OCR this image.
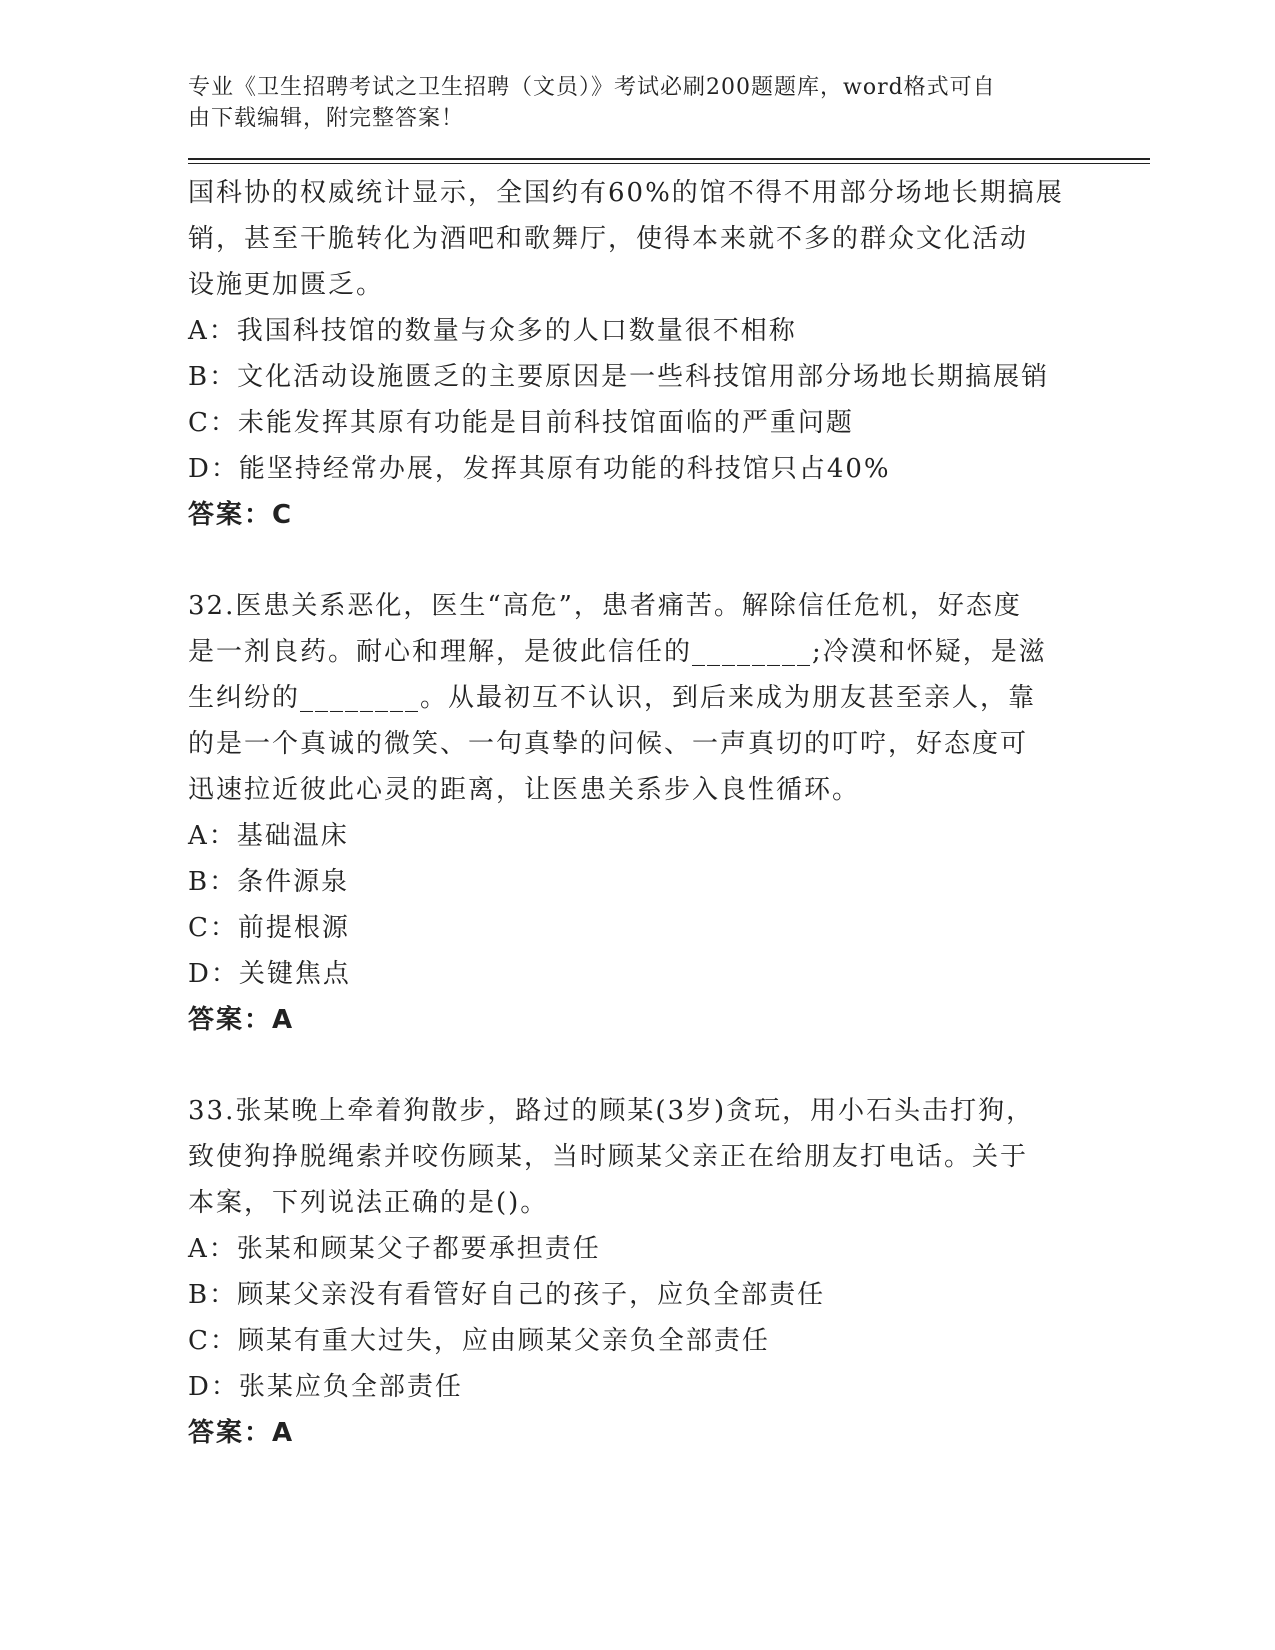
专业《卫生招聘考试之卫生招聘（文员）》考试必刷200题题库，word格式可自
由下载编辑，附完整答案！

国科协的权威统计显示，全国约有60%的馆不得不用部分场地长期搞展

销，甚至干脆转化为酒吧和歌舞厅，使得本来就不多的群众文化活动

设施更加匮乏。

A：我国科技馆的数量与众多的人口数量很不相称

B：文化活动设施匮乏的主要原因是一些科技馆用部分场地长期搞展销

C：未能发挥其原有功能是目前科技馆面临的严重问题

D：能坚持经常办展，发挥其原有功能的科技馆只占40%

答案：C

32.医患关系恶化，医生“高危”，患者痛苦。解除信任危机，好态度

是一剂良药。耐心和理解，是彼此信任的________;冷漠和怀疑，是滋

生纠纷的________。从最初互不认识，到后来成为朋友甚至亲人，靠

的是一个真诚的微笑、一句真挚的问候、一声真切的叮咛，好态度可

迅速拉近彼此心灵的距离，让医患关系步入良性循环。

A：基础温床

B：条件源泉

C：前提根源

D：关键焦点

答案：A

33.张某晚上牵着狗散步，路过的顾某(3岁)贪玩，用小石头击打狗，

致使狗挣脱绳索并咬伤顾某，当时顾某父亲正在给朋友打电话。关于

本案，下列说法正确的是()。

A：张某和顾某父子都要承担责任

B：顾某父亲没有看管好自己的孩子，应负全部责任

C：顾某有重大过失，应由顾某父亲负全部责任

D：张某应负全部责任

答案：A
